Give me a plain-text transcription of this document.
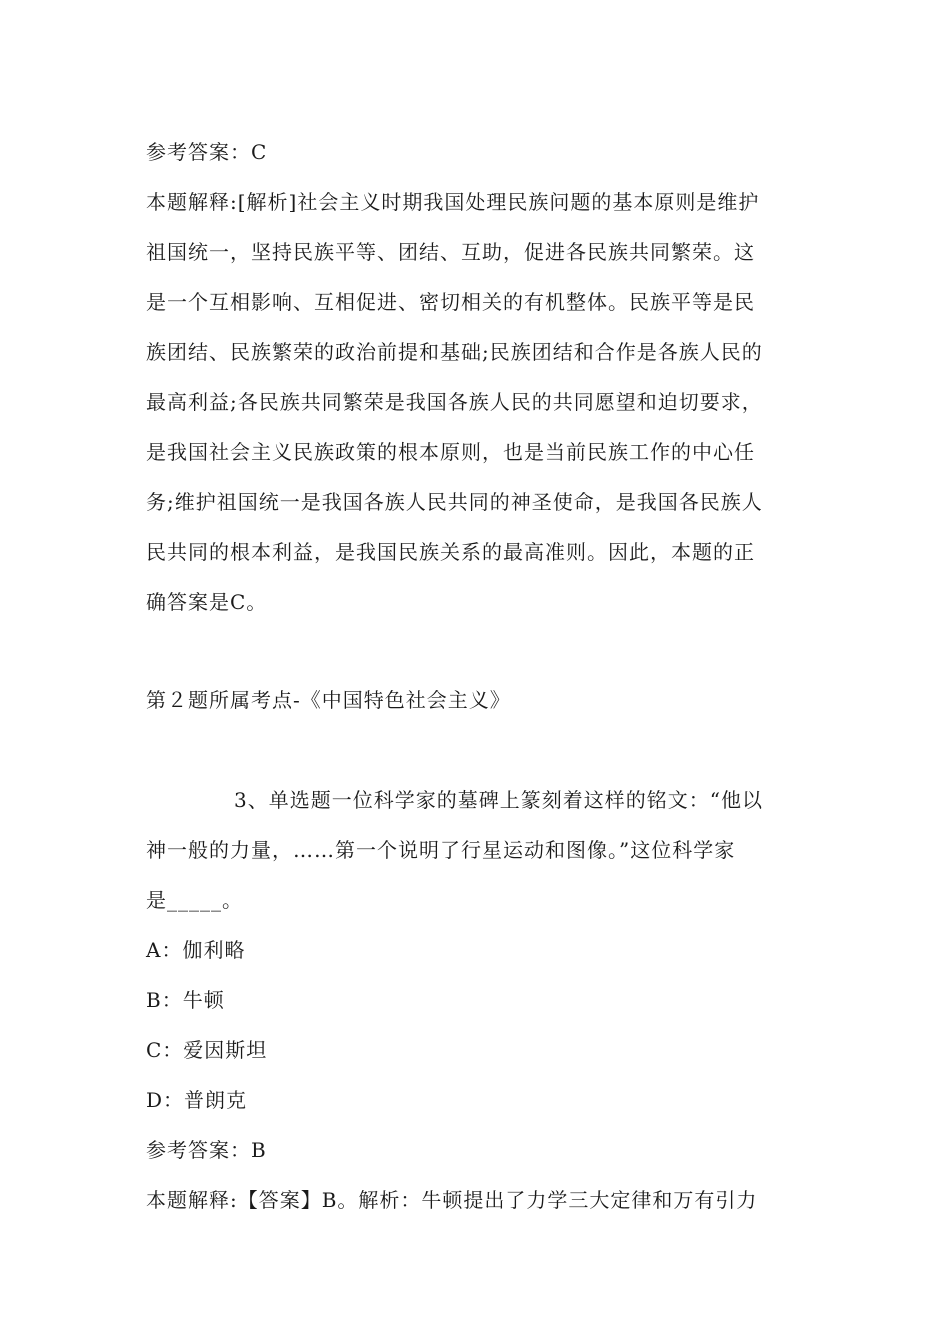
参考答案：C
本题解释:[解析]社会主义时期我国处理民族问题的基本原则是维护
祖国统一，坚持民族平等、团结、互助，促进各民族共同繁荣。这
是一个互相影响、互相促进、密切相关的有机整体。民族平等是民
族团结、民族繁荣的政治前提和基础;民族团结和合作是各族人民的
最高利益;各民族共同繁荣是我国各族人民的共同愿望和迫切要求，
是我国社会主义民族政策的根本原则，也是当前民族工作的中心任
务;维护祖国统一是我国各族人民共同的神圣使命，是我国各民族人
民共同的根本利益，是我国民族关系的最高准则。因此，本题的正
确答案是C。
第２题所属考点-《中国特色社会主义》
3、单选题一位科学家的墓碑上篆刻着这样的铭文：“他以
神一般的力量，……第一个说明了行星运动和图像。”这位科学家
是_____。
A：伽利略
B：牛顿
C：爱因斯坦
D：普朗克
参考答案：B
本题解释:【答案】B。解析：牛顿提出了力学三大定律和万有引力
